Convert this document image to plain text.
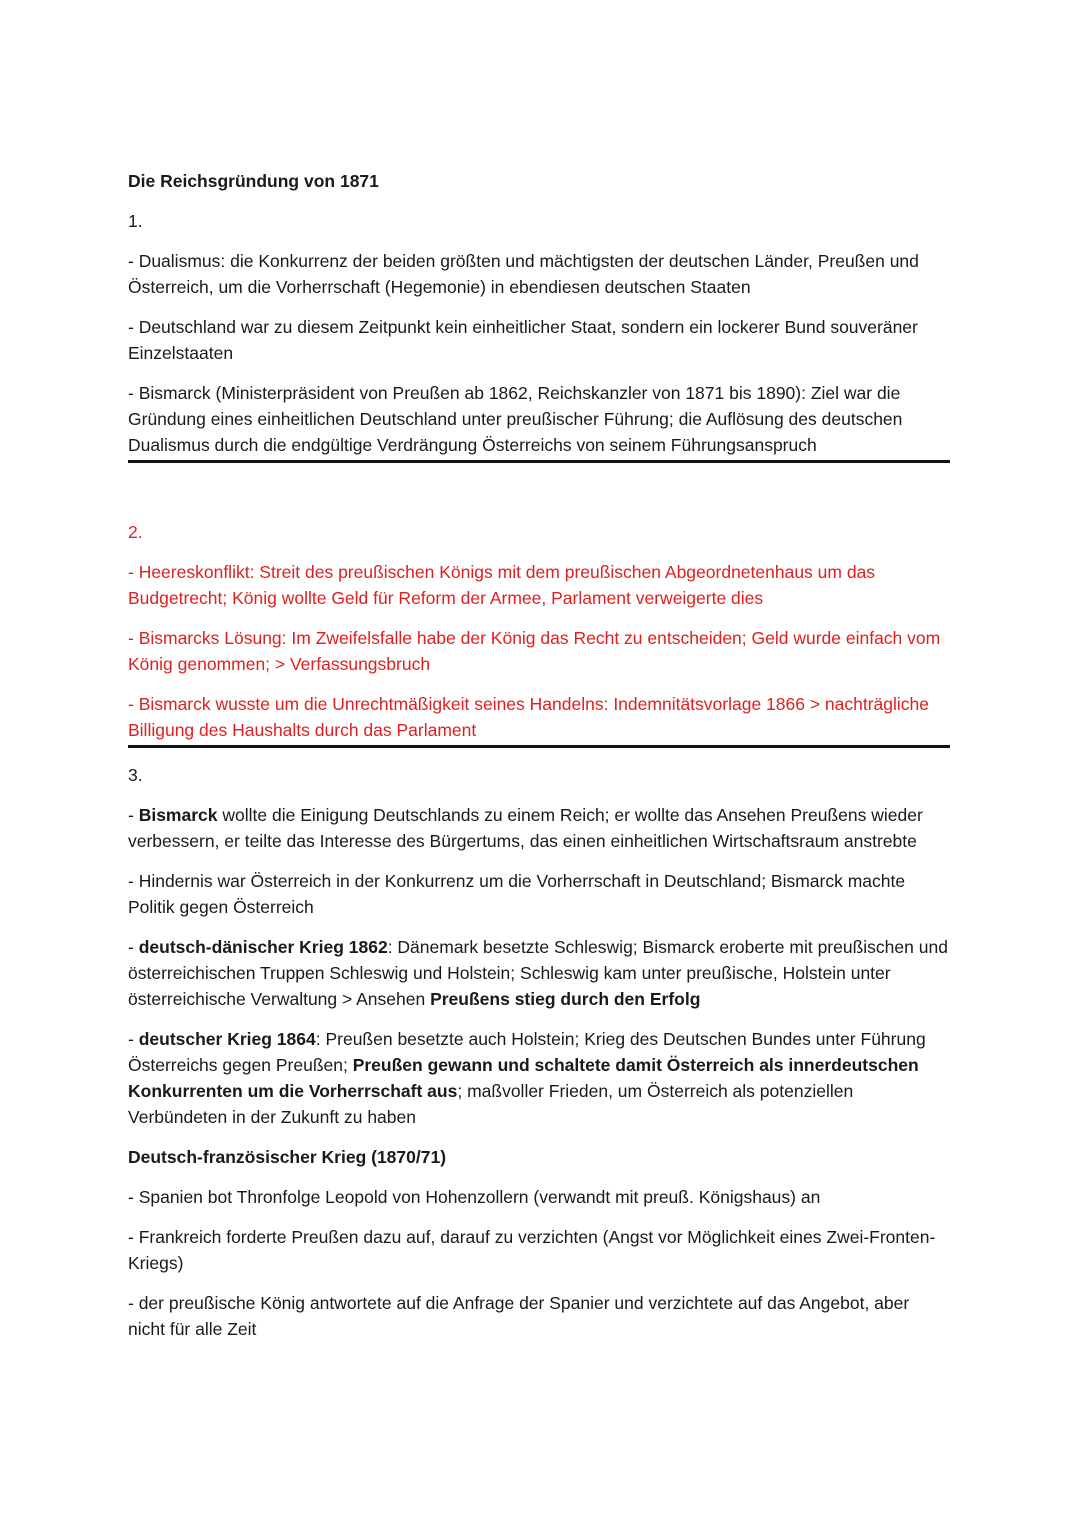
Die Reichsgründung von 1871
1.
- Dualismus: die Konkurrenz der beiden größten und mächtigsten der deutschen Länder, Preußen und Österreich, um die Vorherrschaft (Hegemonie) in ebendiesen deutschen Staaten
- Deutschland war zu diesem Zeitpunkt kein einheitlicher Staat, sondern ein lockerer Bund souveräner Einzelstaaten
- Bismarck (Ministerpräsident von Preußen ab 1862, Reichskanzler von 1871 bis 1890): Ziel war die Gründung eines einheitlichen Deutschland unter preußischer Führung; die Auflösung des deutschen Dualismus durch die endgültige Verdrängung Österreichs von seinem Führungsanspruch
2.
- Heereskonflikt: Streit des preußischen Königs mit dem preußischen Abgeordnetenhaus um das Budgetrecht; König wollte Geld für Reform der Armee, Parlament verweigerte dies
- Bismarcks Lösung: Im Zweifelsfalle habe der König das Recht zu entscheiden; Geld wurde einfach vom König genommen; > Verfassungsbruch
- Bismarck wusste um die Unrechtmäßigkeit seines Handelns: Indemnitätsvorlage 1866 > nachträgliche Billigung des Haushalts durch das Parlament
3.
- Bismarck wollte die Einigung Deutschlands zu einem Reich; er wollte das Ansehen Preußens wieder verbessern, er teilte das Interesse des Bürgertums, das einen einheitlichen Wirtschaftsraum anstrebte
- Hindernis war Österreich in der Konkurrenz um die Vorherrschaft in Deutschland; Bismarck machte Politik gegen Österreich
- deutsch-dänischer Krieg 1862: Dänemark besetzte Schleswig; Bismarck eroberte mit preußischen und österreichischen Truppen Schleswig und Holstein; Schleswig kam unter preußische, Holstein unter österreichische Verwaltung > Ansehen Preußens stieg durch den Erfolg
- deutscher Krieg 1864: Preußen besetzte auch Holstein; Krieg des Deutschen Bundes unter Führung Österreichs gegen Preußen; Preußen gewann und schaltete damit Österreich als innerdeutschen Konkurrenten um die Vorherrschaft aus; maßvoller Frieden, um Österreich als potenziellen Verbündeten in der Zukunft zu haben
Deutsch-französischer Krieg (1870/71)
- Spanien bot Thronfolge Leopold von Hohenzollern (verwandt mit preuß. Königshaus) an
- Frankreich forderte Preußen dazu auf, darauf zu verzichten (Angst vor Möglichkeit eines Zwei-Fronten-Kriegs)
- der preußische König antwortete auf die Anfrage der Spanier und verzichtete auf das Angebot, aber nicht für alle Zeit
